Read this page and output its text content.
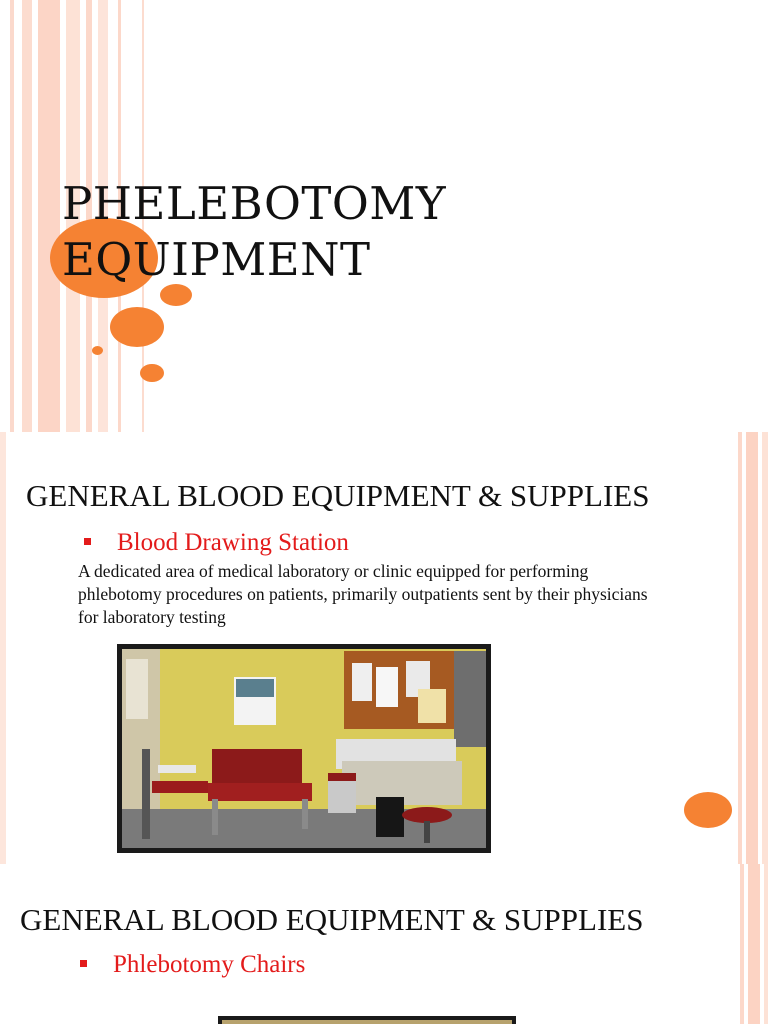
PHELEBOTOMY
EQUIPMENT
GENERAL BLOOD EQUIPMENT & SUPPLIES
Blood Drawing Station

A dedicated area of medical laboratory or clinic equipped for performing phlebotomy procedures on patients, primarily outpatients sent by their physicians for laboratory testing

GENERAL BLOOD EQUIPMENT & SUPPLIES
Phlebotomy Chairs
